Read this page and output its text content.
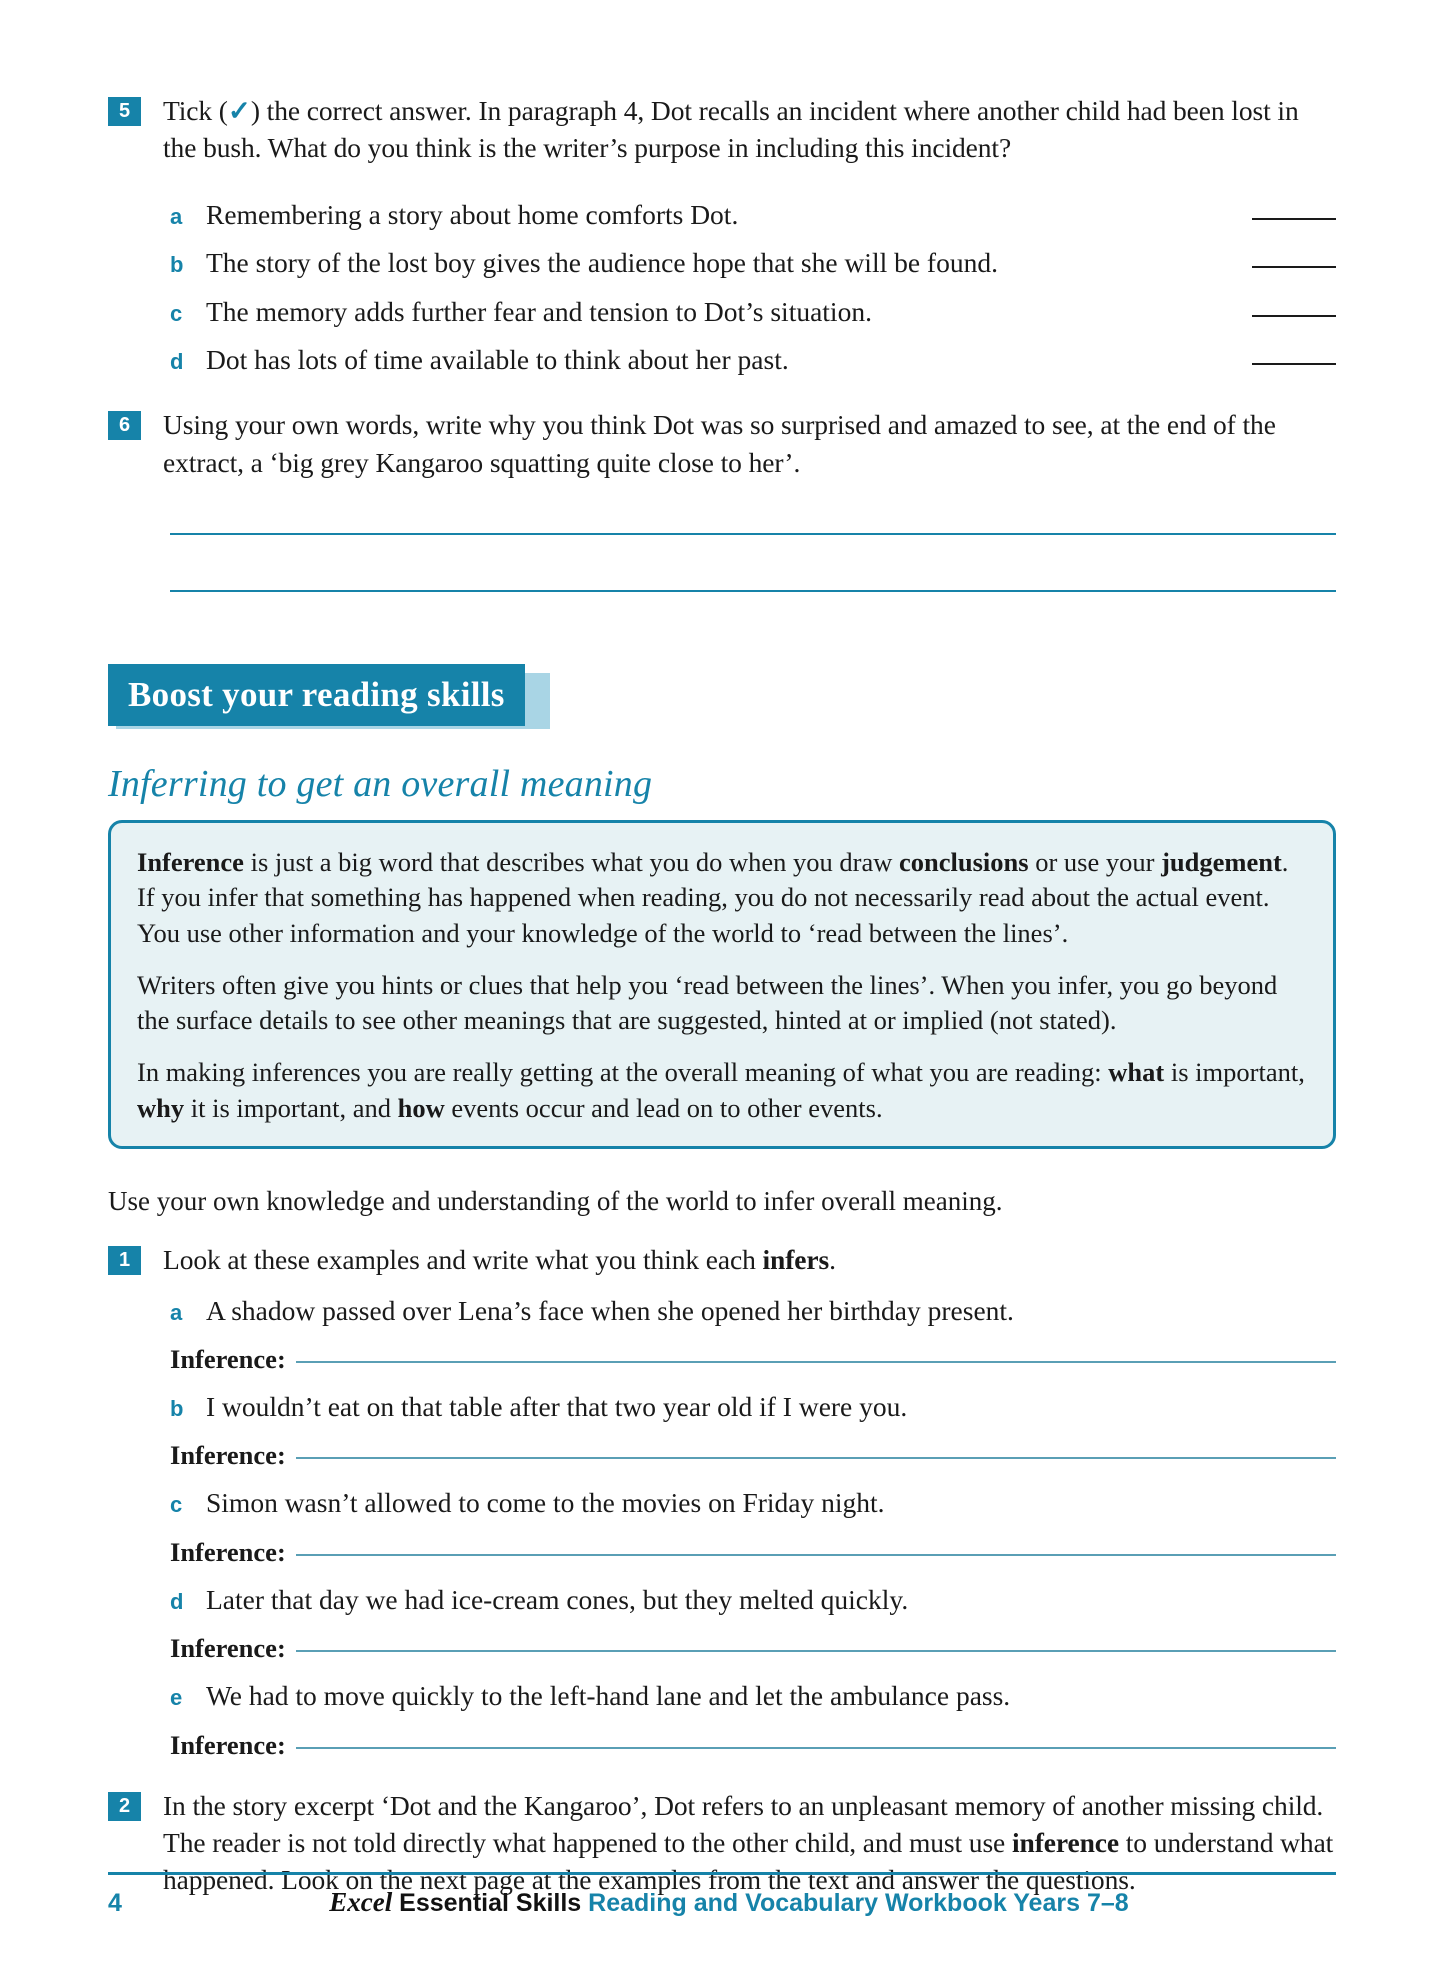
5	Tick (✓) the correct answer. In paragraph 4, Dot recalls an incident where another child had been lost in the bush. What do you think is the writer’s purpose in including this incident?
a Remembering a story about home comforts Dot.
b The story of the lost boy gives the audience hope that she will be found.
c The memory adds further fear and tension to Dot’s situation.
d Dot has lots of time available to think about her past.
6	Using your own words, write why you think Dot was so surprised and amazed to see, at the end of the extract, a ‘big grey Kangaroo squatting quite close to her’.
Boost your reading skills
Inferring to get an overall meaning

Inference is just a big word that describes what you do when you draw conclusions or use your judgement. If you infer that something has happened when reading, you do not necessarily read about the actual event. You use other information and your knowledge of the world to ‘read between the lines’.

Writers often give you hints or clues that help you ‘read between the lines’. When you infer, you go beyond the surface details to see other meanings that are suggested, hinted at or implied (not stated).

In making inferences you are really getting at the overall meaning of what you are reading: what is important, why it is important, and how events occur and lead on to other events.

Use your own knowledge and understanding of the world to infer overall meaning.

1	Look at these examples and write what you think each infers.
a A shadow passed over Lena’s face when she opened her birthday present.
Inference:
b I wouldn’t eat on that table after that two year old if I were you.
Inference:
c Simon wasn’t allowed to come to the movies on Friday night.
Inference:
d Later that day we had ice-cream cones, but they melted quickly.
Inference:
e We had to move quickly to the left-hand lane and let the ambulance pass.
Inference:
2	In the story excerpt ‘Dot and the Kangaroo’, Dot refers to an unpleasant memory of another missing child. The reader is not told directly what happened to the other child, and must use inference to understand what happened. Look on the next page at the examples from the text and answer the questions.
4	Excel Essential Skills Reading and Vocabulary Workbook Years 7–8
